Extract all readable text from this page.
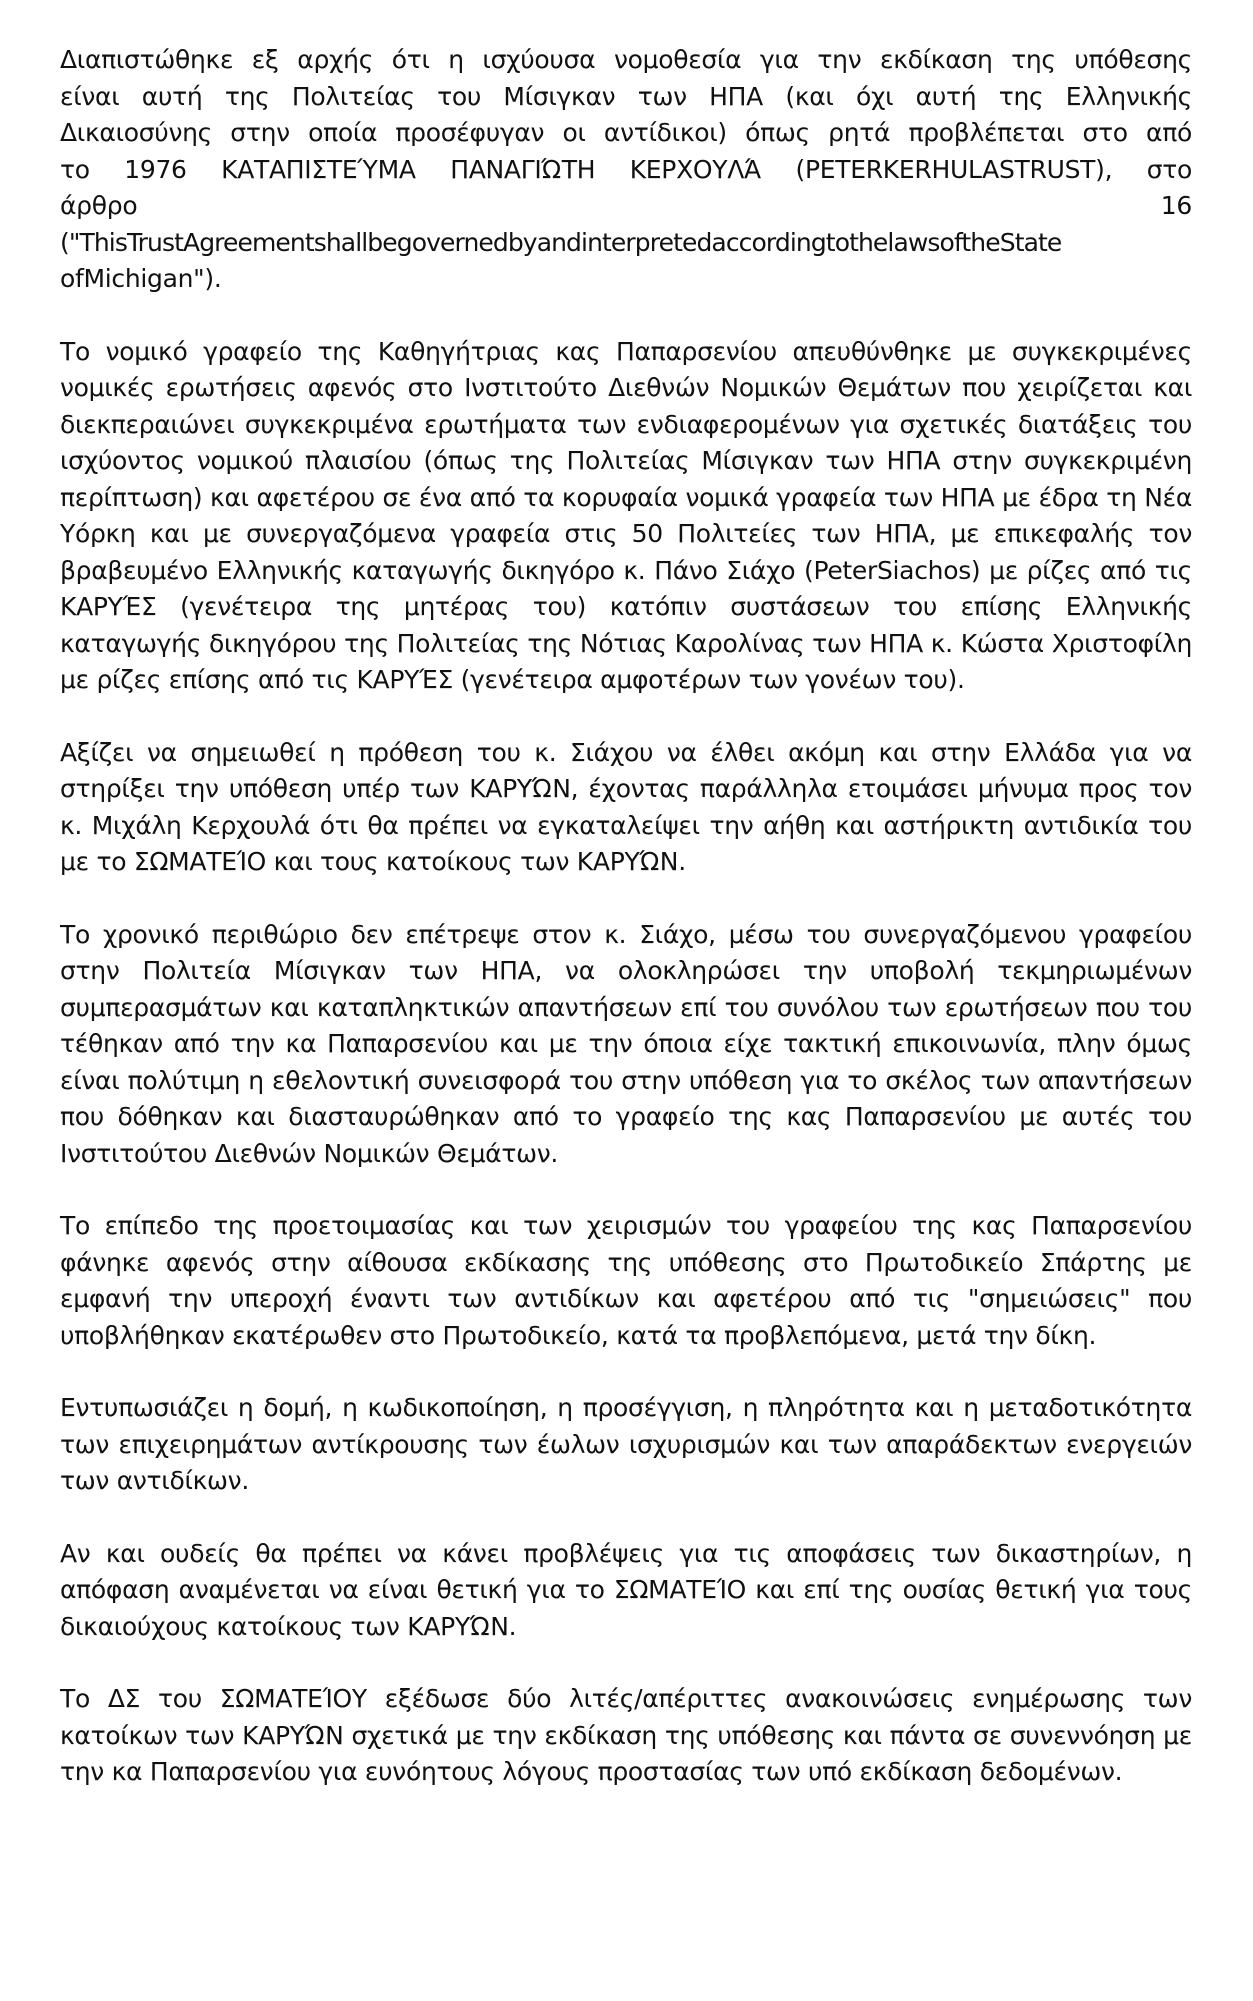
Διαπιστώθηκε εξ αρχής ότι η ισχύουσα νομοθεσία για την εκδίκαση της υπόθεσης
είναι αυτή της Πολιτείας του Μίσιγκαν των ΗΠΑ (και όχι αυτή της Ελληνικής
Δικαιοσύνης στην οποία προσέφυγαν οι αντίδικοι) όπως ρητά προβλέπεται στο από
το 1976 ΚΑΤΑΠΙΣΤΕΎΜΑ ΠΑΝΑΓΙΏΤΗ ΚΕΡΧΟΥΛΆ (PETERKERHULASTRUST), στο
άρθρο 16
("ThisTrustAgreementshallbegovernedbyandinterpretedaccordingtothelawsoftheState
ofMichigan").

Το νομικό γραφείο της Καθηγήτριας κας Παπαρσενίου απευθύνθηκε με συγκεκριμένες νομικές ερωτήσεις αφενός στο Ινστιτούτο Διεθνών Νομικών Θεμάτων που χειρίζεται και διεκπεραιώνει συγκεκριμένα ερωτήματα των ενδιαφερομένων για σχετικές διατάξεις του ισχύοντος νομικού πλαισίου (όπως της Πολιτείας Μίσιγκαν των ΗΠΑ στην συγκεκριμένη περίπτωση) και αφετέρου σε ένα από τα κορυφαία νομικά γραφεία των ΗΠΑ με έδρα τη Νέα Υόρκη και με συνεργαζόμενα γραφεία στις 50 Πολιτείες των ΗΠΑ, με επικεφαλής τον βραβευμένο Ελληνικής καταγωγής δικηγόρο κ. Πάνο Σιάχο (PeterSiachos) με ρίζες από τις ΚΑΡΥΈΣ (γενέτειρα της μητέρας του) κατόπιν συστάσεων του επίσης Ελληνικής καταγωγής δικηγόρου της Πολιτείας της Νότιας Καρολίνας των ΗΠΑ κ. Κώστα Χριστοφίλη με ρίζες επίσης από τις ΚΑΡΥΈΣ (γενέτειρα αμφοτέρων των γονέων του).

Αξίζει να σημειωθεί η πρόθεση του κ. Σιάχου να έλθει ακόμη και στην Ελλάδα για να στηρίξει την υπόθεση υπέρ των ΚΑΡΥΏΝ, έχοντας παράλληλα ετοιμάσει μήνυμα προς τον κ. Μιχάλη Κερχουλά ότι θα πρέπει να εγκαταλείψει την αήθη και αστήρικτη αντιδικία του με το ΣΩΜΑΤΕΊΟ και τους κατοίκους των ΚΑΡΥΏΝ.

Το χρονικό περιθώριο δεν επέτρεψε στον κ. Σιάχο, μέσω του συνεργαζόμενου γραφείου στην Πολιτεία Μίσιγκαν των ΗΠΑ, να ολοκληρώσει την υποβολή τεκμηριωμένων συμπερασμάτων και καταπληκτικών απαντήσεων επί του συνόλου των ερωτήσεων που του τέθηκαν από την κα Παπαρσενίου και με την όποια είχε τακτική επικοινωνία, πλην όμως είναι πολύτιμη η εθελοντική συνεισφορά του στην υπόθεση για το σκέλος των απαντήσεων που δόθηκαν και διασταυρώθηκαν από το γραφείο της κας Παπαρσενίου με αυτές του Ινστιτούτου Διεθνών Νομικών Θεμάτων.

Το επίπεδο της προετοιμασίας και των χειρισμών του γραφείου της κας Παπαρσενίου φάνηκε αφενός στην αίθουσα εκδίκασης της υπόθεσης στο Πρωτοδικείο Σπάρτης με εμφανή την υπεροχή έναντι των αντιδίκων και αφετέρου από τις "σημειώσεις" που υποβλήθηκαν εκατέρωθεν στο Πρωτοδικείο, κατά τα προβλεπόμενα, μετά την δίκη.

Εντυπωσιάζει η δομή, η κωδικοποίηση, η προσέγγιση, η πληρότητα και η μεταδοτικότητα των επιχειρημάτων αντίκρουσης των έωλων ισχυρισμών και των απαράδεκτων ενεργειών των αντιδίκων.

Αν και ουδείς θα πρέπει να κάνει προβλέψεις για τις αποφάσεις των δικαστηρίων, η απόφαση αναμένεται να είναι θετική για το ΣΩΜΑΤΕΊΟ και επί της ουσίας θετική για τους δικαιούχους κατοίκους των ΚΑΡΥΏΝ.

Το ΔΣ του ΣΩΜΑΤΕΊΟΥ εξέδωσε δύο λιτές/απέριττες ανακοινώσεις ενημέρωσης των κατοίκων των ΚΑΡΥΏΝ σχετικά με την εκδίκαση της υπόθεσης και πάντα σε συνεννόηση με την κα Παπαρσενίου για ευνόητους λόγους προστασίας των υπό εκδίκαση δεδομένων.
